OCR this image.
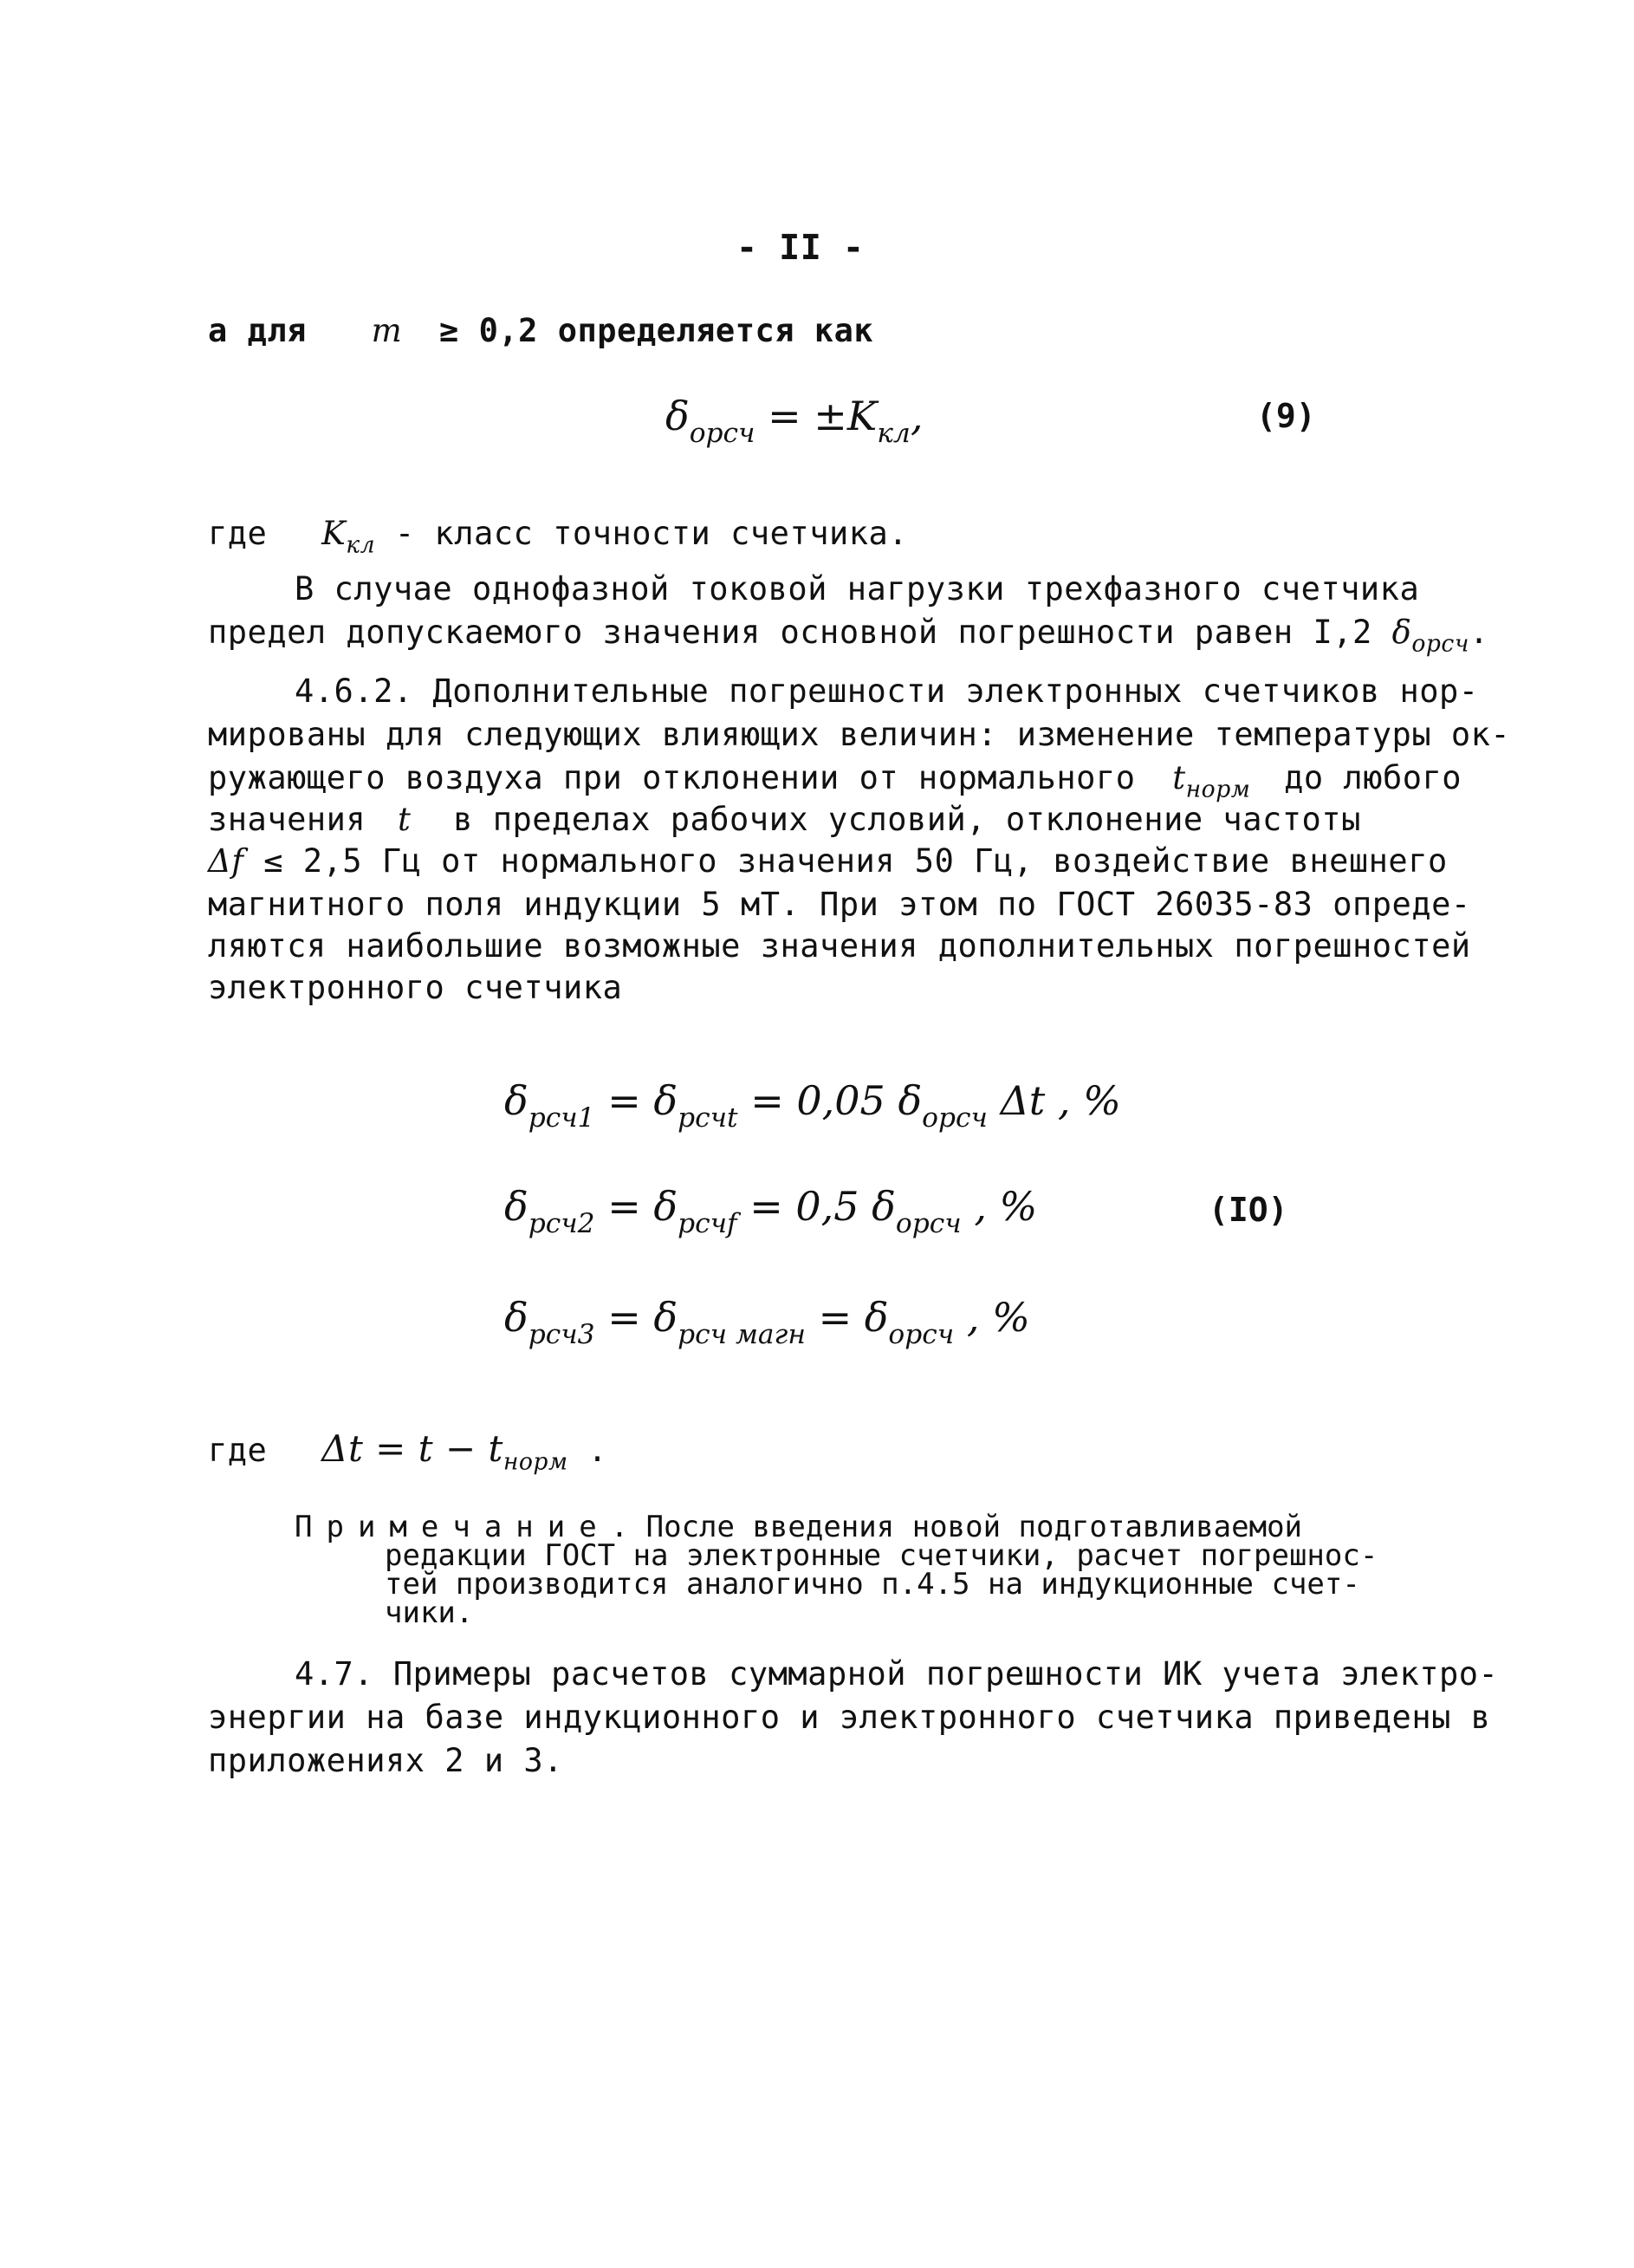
- II -
а для m ≥ 0,2 определяется как
$\delta_{орсч} = \pm K_{кл}$,	(9)
где $K_{кл}$ - класс точности счетчика.
В случае однофазной токовой нагрузки трехфазного счетчика
предел допускаемого значения основной погрешности равен I,2 $\delta_{орсч}$.
4.6.2. Дополнительные погрешности электронных счетчиков нор-
мированы для следующих влияющих величин: изменение температуры ок-
ружающего воздуха при отклонении от нормального $t_{норм}$ до любого
значения t в пределах рабочих условий, отклонение частоты
Δf ≤ 2,5 Гц от нормального значения 50 Гц, воздействие внешнего
магнитного поля индукции 5 мТ. При этом по ГОСТ 26035-83 опреде-
ляются наибольшие возможные значения дополнительных погрешностей
электронного счетчика
$\delta_{рсч1} = \delta_{рсчt} = 0,05$ $\delta_{орсч}$ Δt , %
$\delta_{рсч2} = \delta_{рсчf} = 0,5$ $\delta_{орсч}$ , %	(IO)
$\delta_{рсч3} = \delta_{рсч магн} = \delta_{орсч}$ , %
где $\Delta t = t - t_{норм}$ .
Примечание. После введения новой подготавливаемой
редакции ГОСТ на электронные счетчики, расчет погрешнос-
тей производится аналогично п.4.5 на индукционные счет-
чики.
4.7. Примеры расчетов суммарной погрешности ИК учета электро-
энергии на базе индукционного и электронного счетчика приведены в
приложениях 2 и 3.
